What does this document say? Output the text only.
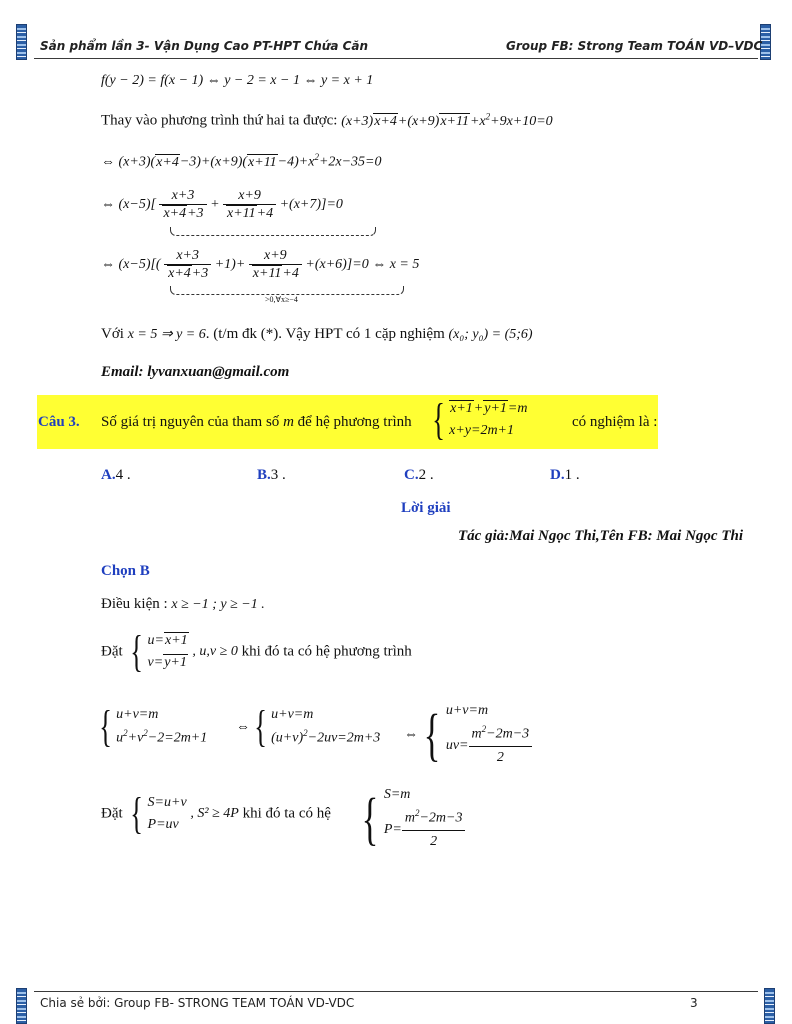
Sản phẩm lần 3- Vận Dụng Cao PT-HPT Chứa Căn	Group FB: Strong Team TOÁN VD–VDC
f(y − 2) = f(x − 1) ⇔ y − 2 = x − 1 ⇔ y = x + 1
Thay vào phương trình thứ hai ta được: $(x+3)x+4+(x+9)x+11+x^2+9x+10=0$
⇔ $(x+3)(x+4-3)+(x+9)(x+11-4)+x^2+2x-35=0$
⇔ $(x-5)[ \frac{x+3}{x+4+3} + \frac{x+9}{x+11+4} +(x+7)]=0$
⇔ $(x-5)[( \frac{x+3}{x+4+3} +1)+ \frac{x+9}{x+11+4} +(x+6)]=0$ ⇔ x = 5
>0,∀x≥−4
Với x = 5 ⇒ y = 6. (t/m đk (*). Vậy HPT có 1 cặp nghiệm (x₀; y₀) = (5;6)
Email: lyvanxuan@gmail.com
Câu 3. Số giá trị nguyên của tham số m để hệ phương trình { x+1+y+1=m
x+y=2m+1
có nghiệm là :
A.4 .	B.3 .	C.2 .	D.1 .
Lời giải
Tác giả:Mai Ngọc Thi,Tên FB: Mai Ngọc Thi
Chọn B
Điều kiện : x ≥ −1 ; y ≥ −1 .
Đặt { u=x+1
v=y+1 , u,v ≥ 0 khi đó ta có hệ phương trình
{ u+v=m
$u^2+v^2-2=2m+1$
⇔{ u+v=m
$(u+v)^2-2uv=2m+3$ ⇔{ u+v=m
$uv= \frac{m^2-2m-3}{2}$
Đặt { S=u+v
P=uv , S² ≥ 4P khi đó ta có hệ { S=m
$P= \frac{m^2-2m-3}{2}$
Chia sẻ bởi: Group FB- STRONG TEAM TOÁN VD-VDC	3
